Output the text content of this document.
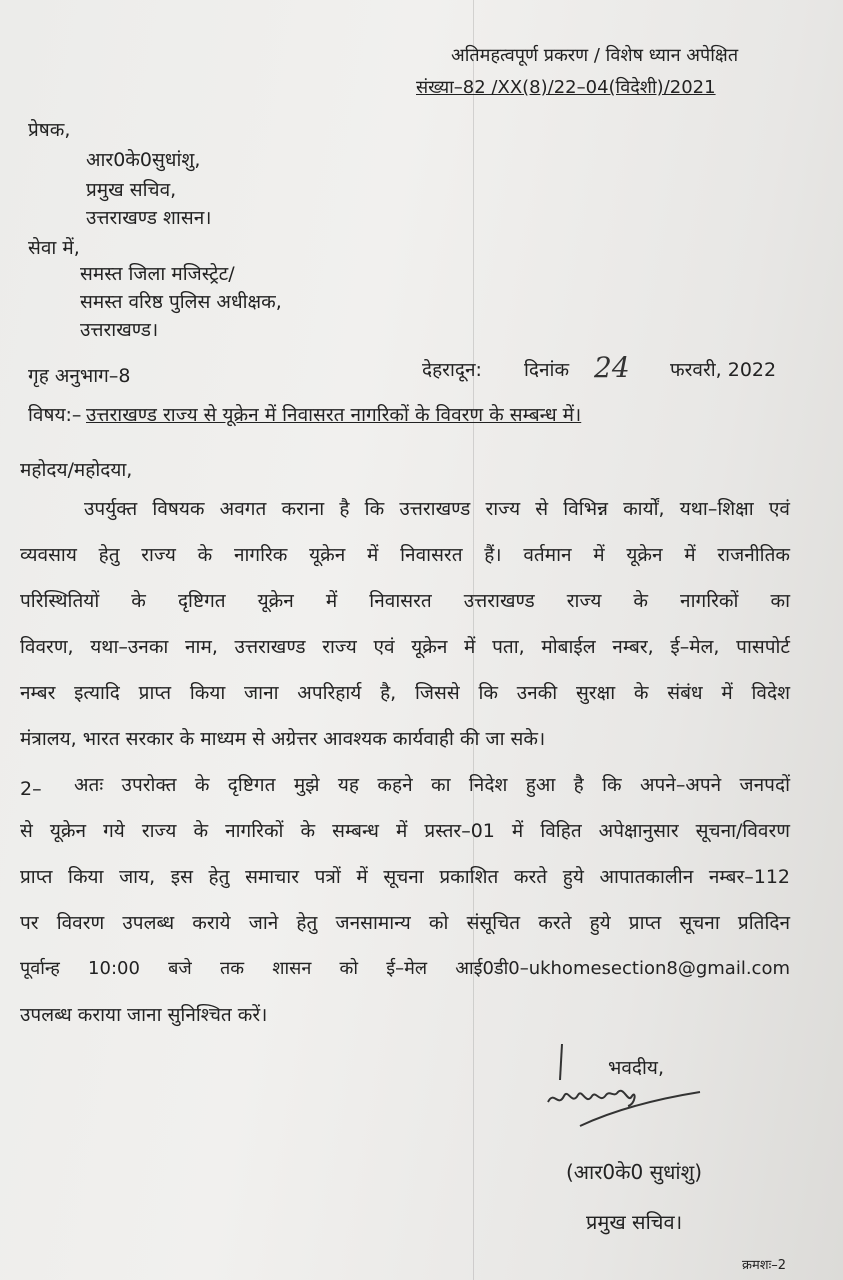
अतिमहत्वपूर्ण प्रकरण / विशेष ध्यान अपेक्षित
संख्या–82 /XX(8)/22–04(विदेशी)/2021
प्रेषक,
आर0के0सुधांशु,
प्रमुख सचिव,
उत्तराखण्ड शासन।
सेवा में,
समस्त जिला मजिस्ट्रेट/
समस्त वरिष्ठ पुलिस अधीक्षक,
उत्तराखण्ड।
गृह अनुभाग–8	देहरादून: दिनांक 24 फरवरी, 2022
विषय:– उत्तराखण्ड राज्य से यूक्रेन में निवासरत नागरिकों के विवरण के सम्बन्ध में।
महोदय/महोदया,
उपर्युक्त विषयक अवगत कराना है कि उत्तराखण्ड राज्य से विभिन्न कार्यों, यथा–शिक्षा एवं
व्यवसाय हेतु राज्य के नागरिक यूक्रेन में निवासरत हैं। वर्तमान में यूक्रेन में राजनीतिक
परिस्थितियों के दृष्टिगत यूक्रेन में निवासरत उत्तराखण्ड राज्य के नागरिकों का
विवरण, यथा–उनका नाम, उत्तराखण्ड राज्य एवं यूक्रेन में पता, मोबाईल नम्बर, ई–मेल, पासपोर्ट
नम्बर इत्यादि प्राप्त किया जाना अपरिहार्य है, जिससे कि उनकी सुरक्षा के संबंध में विदेश
मंत्रालय, भारत सरकार के माध्यम से अग्रेत्तर आवश्यक कार्यवाही की जा सके।
2– अतः उपरोक्त के दृष्टिगत मुझे यह कहने का निदेश हुआ है कि अपने–अपने जनपदों
से यूक्रेन गये राज्य के नागरिकों के सम्बन्ध में प्रस्तर–01 में विहित अपेक्षानुसार सूचना/विवरण
प्राप्त किया जाय, इस हेतु समाचार पत्रों में सूचना प्रकाशित करते हुये आपातकालीन नम्बर–112
पर विवरण उपलब्ध कराये जाने हेतु जनसामान्य को संसूचित करते हुये प्राप्त सूचना प्रतिदिन
पूर्वान्ह 10:00 बजे तक शासन को ई–मेल आई0डी0–ukhomesection8@gmail.com
उपलब्ध कराया जाना सुनिश्चित करें।
भवदीय,
(आर0के0 सुधांशु)
प्रमुख सचिव।
क्रमशः–2
